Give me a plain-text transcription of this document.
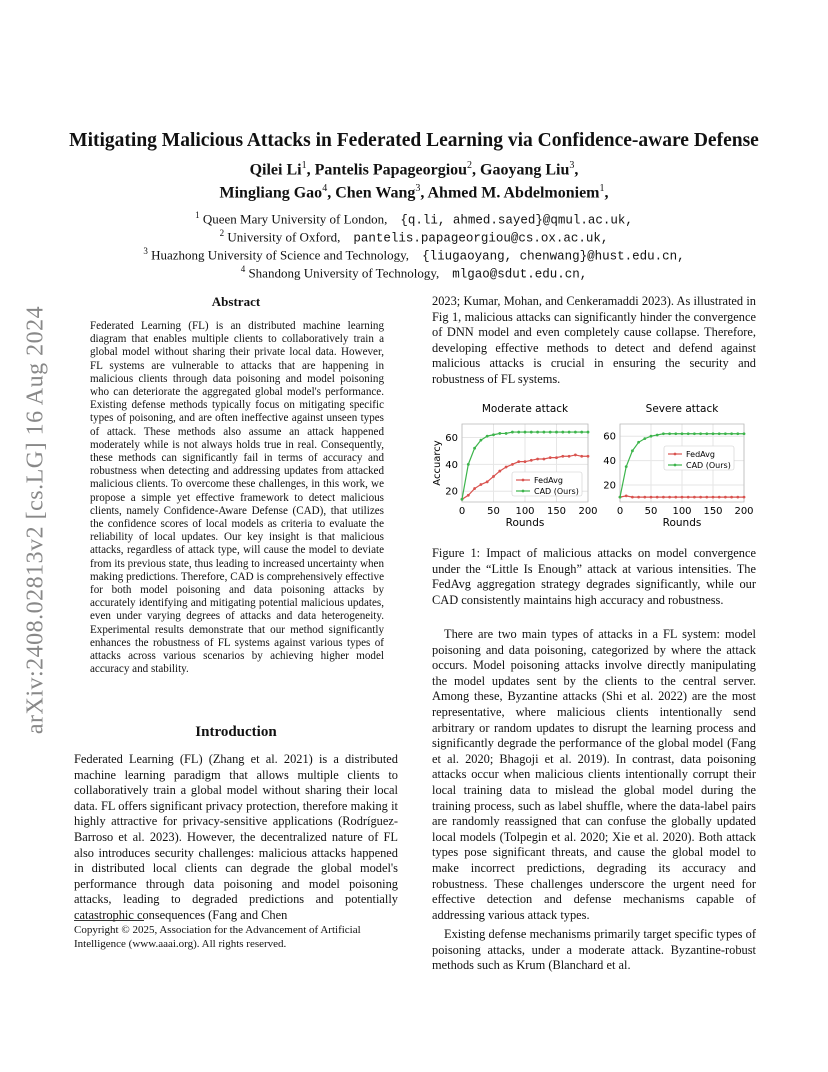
arXiv:2408.02813v2 [cs.LG] 16 Aug 2024
Mitigating Malicious Attacks in Federated Learning via Confidence-aware Defense
Qilei Li$^1$, Pantelis Papageorgiou$^2$, Gaoyang Liu$^3$,
Mingliang Gao$^4$, Chen Wang$^3$, Ahmed M. Abdelmoniem$^1$,
$^1$ Queen Mary University of London, {q.li, ahmed.sayed}@qmul.ac.uk,
$^2$ University of Oxford, pantelis.papageorgiou@cs.ox.ac.uk,
$^3$ Huazhong University of Science and Technology, {liugaoyang, chenwang}@hust.edu.cn,
$^4$ Shandong University of Technology, mlgao@sdut.edu.cn,
Abstract
Federated Learning (FL) is an distributed machine learning diagram that enables multiple clients to collaboratively train a global model without sharing their private local data. However, FL systems are vulnerable to attacks that are happening in malicious clients through data poisoning and model poisoning who can deteriorate the aggregated global model's performance. Existing defense methods typically focus on mitigating specific types of poisoning, and are often ineffective against unseen types of attack. These methods also assume an attack happened moderately while is not always holds true in real. Consequently, these methods can significantly fail in terms of accuracy and robustness when detecting and addressing updates from attacked malicious clients. To overcome these challenges, in this work, we propose a simple yet effective framework to detect malicious clients, namely Confidence-Aware Defense (CAD), that utilizes the confidence scores of local models as criteria to evaluate the reliability of local updates. Our key insight is that malicious attacks, regardless of attack type, will cause the model to deviate from its previous state, thus leading to increased uncertainty when making predictions. Therefore, CAD is comprehensively effective for both model poisoning and data poisoning attacks by accurately identifying and mitigating potential malicious updates, even under varying degrees of attacks and data heterogeneity. Experimental results demonstrate that our method significantly enhances the robustness of FL systems against various types of attacks across various scenarios by achieving higher model accuracy and stability.
Introduction
Federated Learning (FL) (Zhang et al. 2021) is a distributed machine learning paradigm that allows multiple clients to collaboratively train a global model without sharing their local data. FL offers significant privacy protection, therefore making it highly attractive for privacy-sensitive applications (Rodríguez-Barroso et al. 2023). However, the decentralized nature of FL also introduces security challenges: malicious attacks happened in distributed local clients can degrade the global model's performance through data poisoning and model poisoning attacks, leading to degraded predictions and potentially catastrophic consequences (Fang and Chen
Copyright © 2025, Association for the Advancement of Artificial Intelligence (www.aaai.org). All rights reserved.
2023; Kumar, Mohan, and Cenkeramaddi 2023). As illustrated in Fig 1, malicious attacks can significantly hinder the convergence of DNN model and even completely cause collapse. Therefore, developing effective methods to detect and defend against malicious attacks is crucial in ensuring the security and robustness of FL systems.
Moderate attack
0 50 100 150 200
20
40
60
Rounds
Accuarcy	FedAvg
CAD (Ours)
Severe attack
0 50 100 150 200
20
40
60
Rounds
FedAvg
CAD (Ours)
Figure 1: Impact of malicious attacks on model convergence under the “Little Is Enough” attack at various intensities. The FedAvg aggregation strategy degrades significantly, while our CAD consistently maintains high accuracy and robustness.

There are two main types of attacks in a FL system: model poisoning and data poisoning, categorized by where the attack occurs. Model poisoning attacks involve directly manipulating the model updates sent by the clients to the central server. Among these, Byzantine attacks (Shi et al. 2022) are the most representative, where malicious clients intentionally send arbitrary or random updates to disrupt the learning process and significantly degrade the performance of the global model (Fang et al. 2020; Bhagoji et al. 2019). In contrast, data poisoning attacks occur when malicious clients intentionally corrupt their local training data to mislead the global model during the training process, such as label shuffle, where the data-label pairs are randomly reassigned that can confuse the globally updated local models (Tolpegin et al. 2020; Xie et al. 2020). Both attack types pose significant threats, and cause the global model to make incorrect predictions, degrading its accuracy and robustness. These challenges underscore the urgent need for effective detection and defense mechanisms capable of addressing various attack types.

Existing defense mechanisms primarily target specific types of poisoning attacks, under a moderate attack. Byzantine-robust methods such as Krum (Blanchard et al.
